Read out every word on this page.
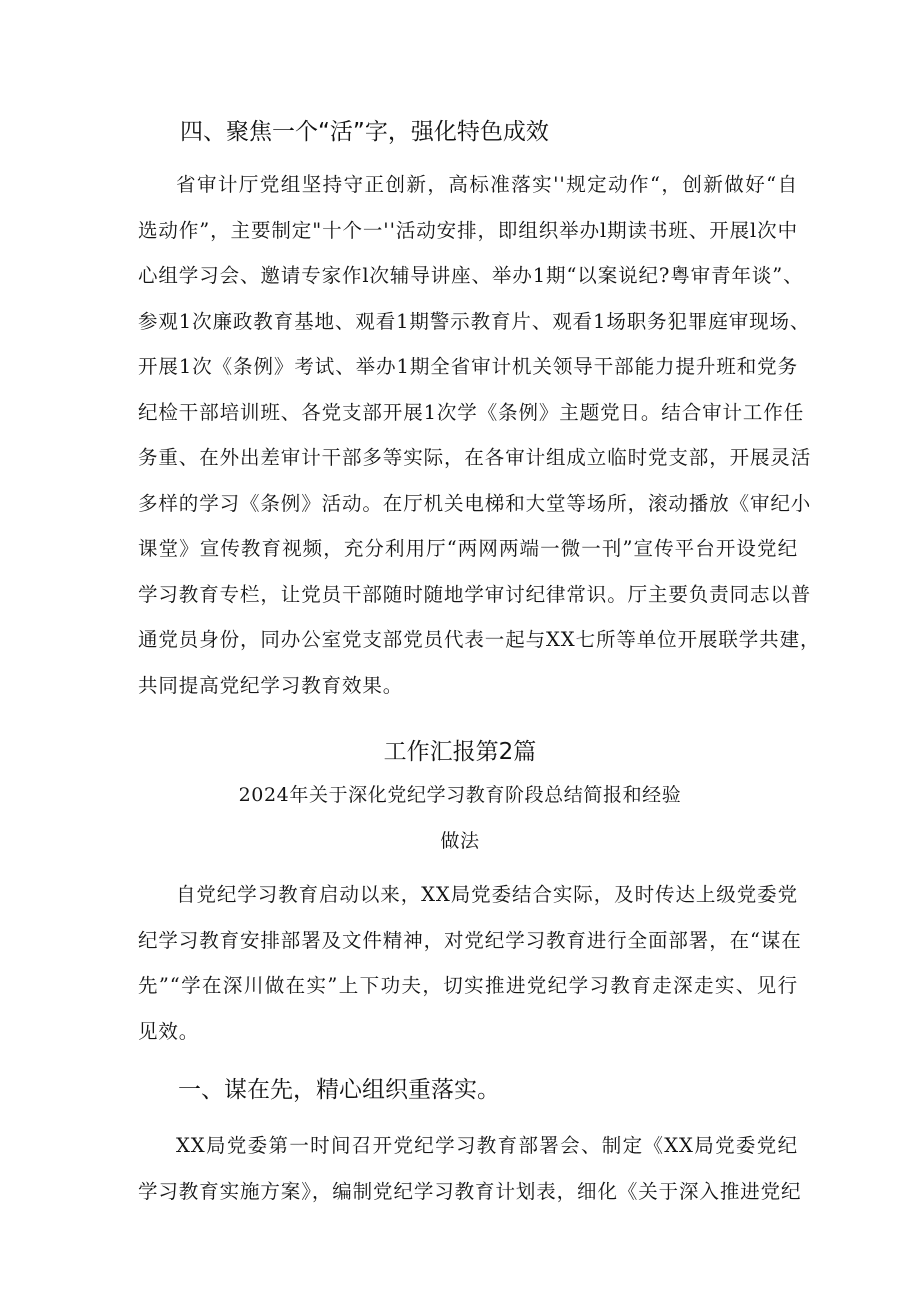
四、聚焦一个“活”字，强化特色成效
省审计厅党组坚持守正创新，高标准落实''规定动作“，创新做好“自
选动作”，主要制定"十个一''活动安排，即组织举办l期读书班、开展l次中
心组学习会、邀请专家作l次辅导讲座、举办1期“以案说纪?粤审青年谈”、
参观1次廉政教育基地、观看1期警示教育片、观看1场职务犯罪庭审现场、
开展1次《条例》考试、举办1期全省审计机关领导干部能力提升班和党务
纪检干部培训班、各党支部开展1次学《条例》主题党日。结合审计工作任
务重、在外出差审计干部多等实际，在各审计组成立临时党支部，开展灵活
多样的学习《条例》活动。在厅机关电梯和大堂等场所，滚动播放《审纪小
课堂》宣传教育视频，充分利用厅“两网两端一微一刊”宣传平台开设党纪
学习教育专栏，让党员干部随时随地学审讨纪律常识。厅主要负责同志以普
通党员身份，同办公室党支部党员代表一起与XX七所等单位开展联学共建，
共同提高党纪学习教育效果。
工作汇报第2篇
2024年关于深化党纪学习教育阶段总结简报和经验
做法
自党纪学习教育启动以来，XX局党委结合实际，及时传达上级党委党
纪学习教育安排部署及文件精神，对党纪学习教育进行全面部署，在“谋在
先”“学在深川做在实”上下功夫，切实推进党纪学习教育走深走实、见行
见效。
一、谋在先，精心组织重落实。
XX局党委第一时间召开党纪学习教育部署会、制定《XX局党委党纪
学习教育实施方案》，编制党纪学习教育计划表，细化《关于深入推进党纪
